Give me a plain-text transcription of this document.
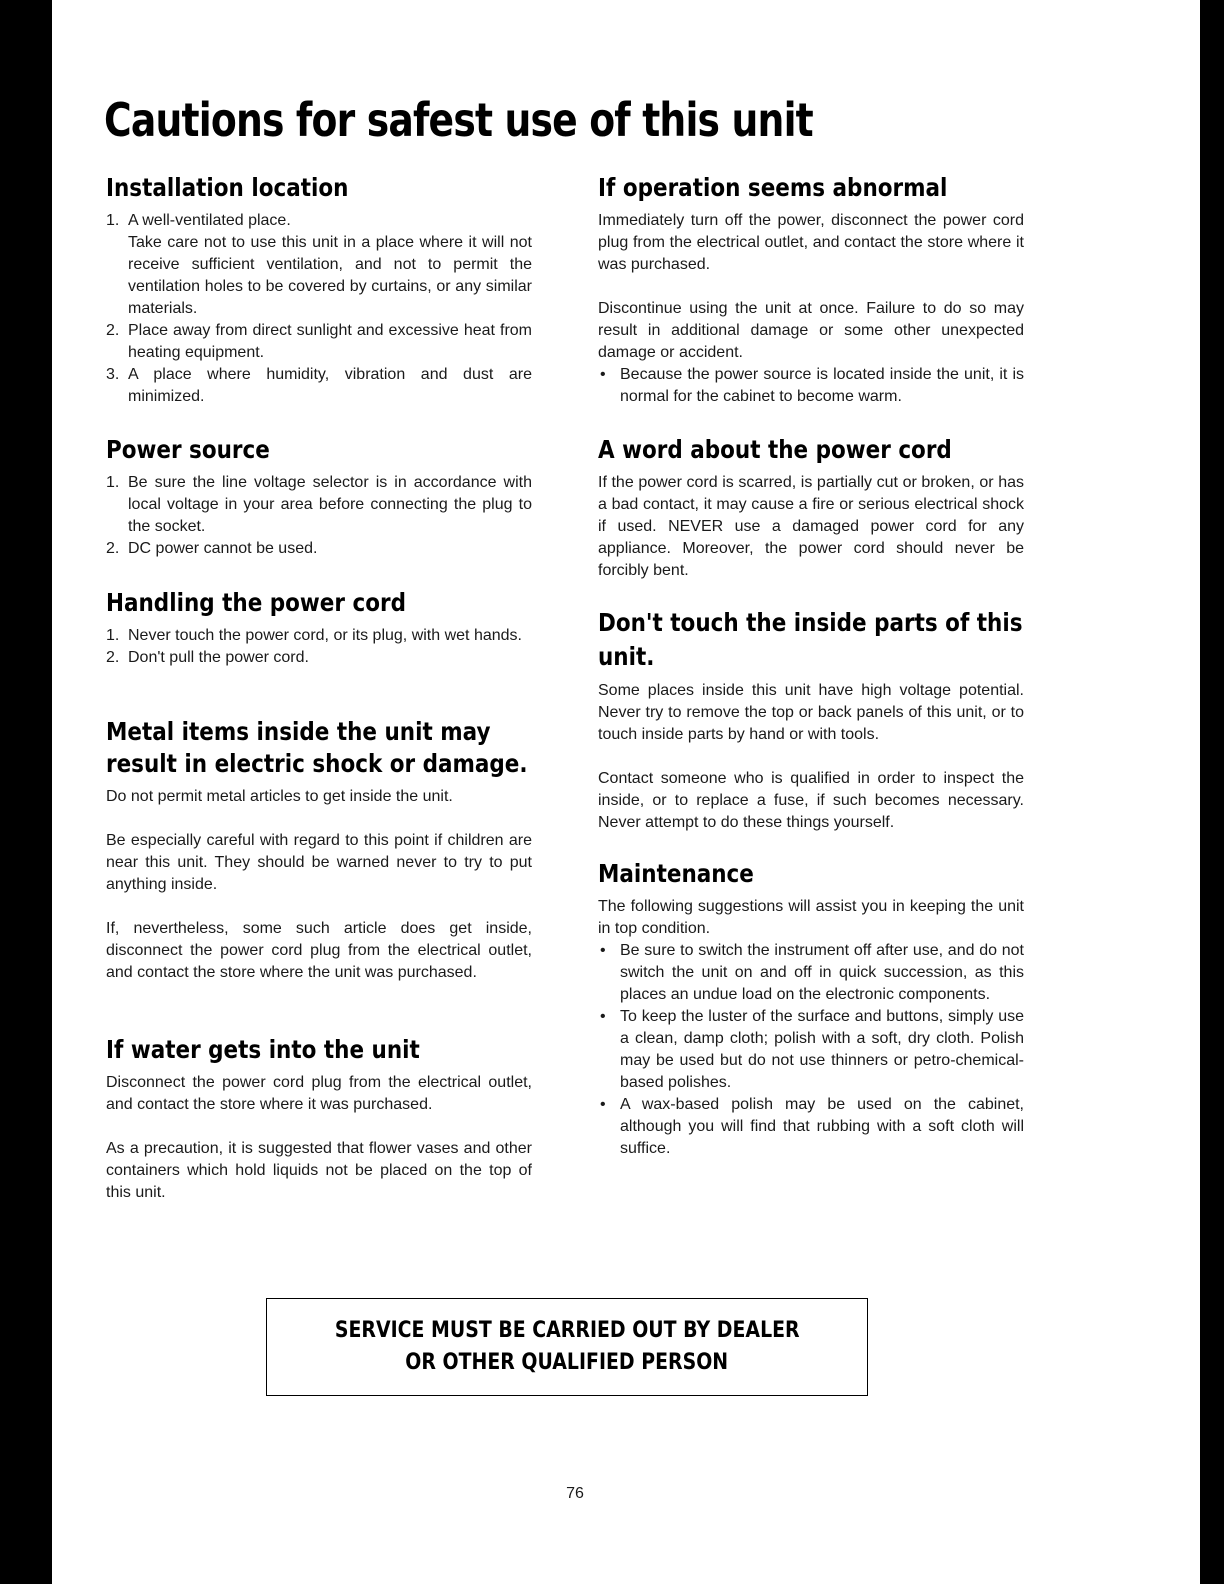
Cautions for safest use of this unit
Installation location
1. A well-ventilated place.
Take care not to use this unit in a place where it will not receive sufficient ventilation, and not to permit the ventilation holes to be covered by curtains, or any similar materials.
2. Place away from direct sunlight and excessive heat from heating equipment.
3. A place where humidity, vibration and dust are minimized.
Power source
1. Be sure the line voltage selector is in accordance with local voltage in your area before connecting the plug to the socket.
2. DC power cannot be used.
Handling the power cord
1. Never touch the power cord, or its plug, with wet hands.
2. Don't pull the power cord.
Metal items inside the unit may
result in electric shock or damage.

Do not permit metal articles to get inside the unit.

Be especially careful with regard to this point if children are near this unit. They should be warned never to try to put anything inside.

If, nevertheless, some such article does get inside, disconnect the power cord plug from the electrical outlet, and contact the store where the unit was purchased.

If water gets into the unit

Disconnect the power cord plug from the electrical outlet, and contact the store where it was purchased.

As a precaution, it is suggested that flower vases and other containers which hold liquids not be placed on the top of this unit.

If operation seems abnormal

Immediately turn off the power, disconnect the power cord plug from the electrical outlet, and contact the store where it was purchased.

Discontinue using the unit at once. Failure to do so may result in additional damage or some other unexpected damage or accident.

• Because the power source is located inside the unit, it is normal for the cabinet to become warm.
A word about the power cord

If the power cord is scarred, is partially cut or broken, or has a bad contact, it may cause a fire or serious electrical shock if used. NEVER use a damaged power cord for any appliance. Moreover, the power cord should never be forcibly bent.

Don't touch the inside parts of this
unit.

Some places inside this unit have high voltage potential. Never try to remove the top or back panels of this unit, or to touch inside parts by hand or with tools.

Contact someone who is qualified in order to inspect the inside, or to replace a fuse, if such becomes necessary. Never attempt to do these things yourself.

Maintenance

The following suggestions will assist you in keeping the unit in top condition.

• Be sure to switch the instrument off after use, and do not switch the unit on and off in quick succession, as this places an undue load on the electronic components.
• To keep the luster of the surface and buttons, simply use a clean, damp cloth; polish with a soft, dry cloth. Polish may be used but do not use thinners or petro-chemical-based polishes.
• A wax-based polish may be used on the cabinet, although you will find that rubbing with a soft cloth will suffice.
SERVICE MUST BE CARRIED OUT BY DEALER
OR OTHER QUALIFIED PERSON
76
